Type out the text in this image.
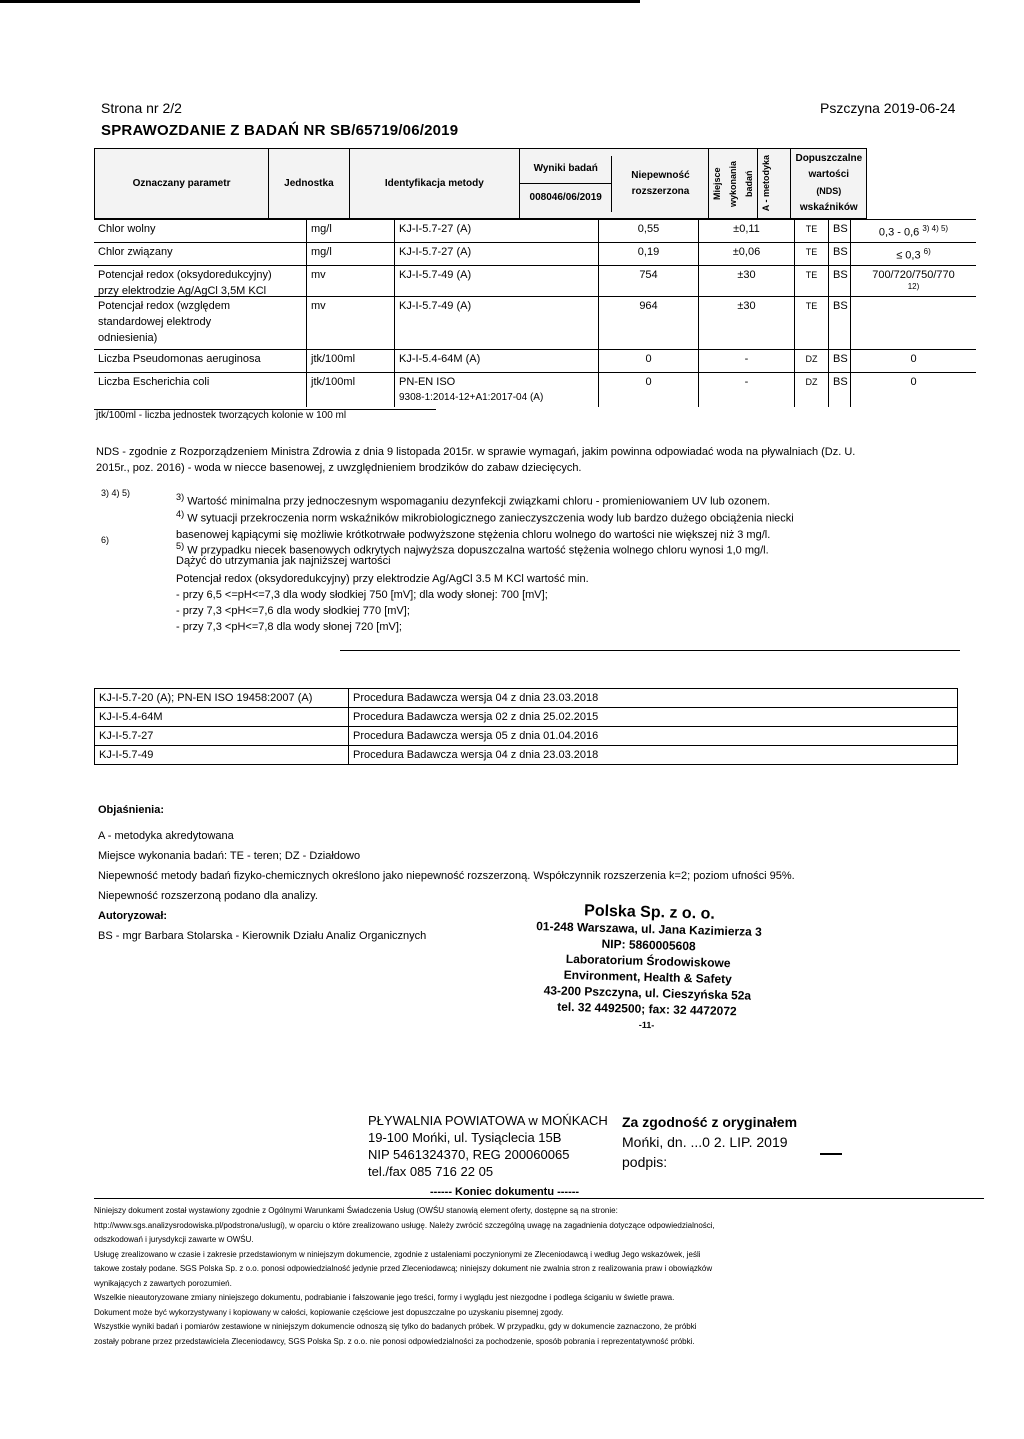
Strona nr 2/2	Pszczyna 2019-06-24
SPRAWOZDANIE Z BADAŃ NR SB/65719/06/2019
Oznaczany parametr	Jednostka	Identyfikacja metody	
Wyniki badań
008046/06/2019
Niepewność rozszerzona	Miejsce wykonania badań	A - metodyka	Dopuszczalne wartości (NDS)
wskaźników
Chlor wolny	mg/l	KJ-I-5.7-27 (A)	0,55	±0,11	TE	BS	0,3 - 0,6 $^{3) 4) 5)}$
Chlor związany	mg/l	KJ-I-5.7-27 (A)	0,19	±0,06	TE	BS	≤ 0,3 $^{6)}$
Potencjał redox (oksydoredukcyjny)
przy elektrodzie Ag/AgCl 3,5M KCl
mv	KJ-I-5.7-49 (A)	754	±30	TE	BS	700/720/750/770
$^{12)}$
Potencjał redox (względem
standardowej elektrody
odniesienia)
mv	KJ-I-5.7-49 (A)	964	±30	TE	BS
Liczba Pseudomonas aeruginosa	jtk/100ml	KJ-I-5.4-64M (A)	0	-	DZ	BS	0
Liczba Escherichia coli	jtk/100ml	PN-EN ISO
9308-1:2014-12+A1:2017-04 (A)
0	-	DZ	BS	0
jtk/100ml - liczba jednostek tworzących kolonie w 100 ml
NDS - zgodnie z Rozporządzeniem Ministra Zdrowia z dnia 9 listopada 2015r. w sprawie wymagań, jakim powinna odpowiadać woda na pływalniach (Dz. U. 2015r., poz. 2016) - woda w niecce basenowej, z uwzględnieniem brodzików do zabaw dziecięcych.
3) 4) 5)	$^{3)}$ Wartość minimalna przy jednoczesnym wspomaganiu dezynfekcji związkami chloru - promieniowaniem UV lub ozonem.
$^{4)}$ W sytuacji przekroczenia norm wskaźników mikrobiologicznego zanieczyszczenia wody lub bardzo dużego obciążenia niecki basenowej kąpiącymi się możliwie krótkotrwałe podwyższone stężenia chloru wolnego do wartości nie większej niż 3 mg/l.
$^{5)}$ W przypadku niecek basenowych odkrytych najwyższa dopuszczalna wartość stężenia wolnego chloru wynosi 1,0 mg/l.
6)
Dążyć do utrzymania jak najniższej wartości
Potencjał redox (oksydoredukcyjny) przy elektrodzie Ag/AgCl 3.5 M KCl wartość min.
- przy 6,5 <=pH<=7,3 dla wody słodkiej 750 [mV]; dla wody słonej: 700 [mV];
- przy 7,3 <pH<=7,6 dla wody słodkiej 770 [mV];
- przy 7,3 <pH<=7,8 dla wody słonej 720 [mV];
KJ-I-5.7-20 (A); PN-EN ISO 19458:2007 (A)	Procedura Badawcza wersja 04 z dnia 23.03.2018
KJ-I-5.4-64M	Procedura Badawcza wersja 02 z dnia 25.02.2015
KJ-I-5.7-27	Procedura Badawcza wersja 05 z dnia 01.04.2016
KJ-I-5.7-49	Procedura Badawcza wersja 04 z dnia 23.03.2018
Objaśnienia:
A - metodyka akredytowana
Miejsce wykonania badań: TE - teren; DZ - Działdowo
Niepewność metody badań fizyko-chemicznych określono jako niepewność rozszerzoną. Współczynnik rozszerzenia k=2; poziom ufności 95%.
Niepewność rozszerzoną podano dla analizy.
Autoryzował:
BS - mgr Barbara Stolarska - Kierownik Działu Analiz Organicznych
Polska Sp. z o. o.
01-248 Warszawa, ul. Jana Kazimierza 3
NIP: 5860005608
Laboratorium Środowiskowe
Environment, Health & Safety
43-200 Pszczyna, ul. Cieszyńska 52a
tel. 32 4492500; fax: 32 4472072
-11-
PŁYWALNIA POWIATOWA w MOŃKACH
19-100 Mońki, ul. Tysiąclecia 15B
NIP 5461324370, REG 200060065
tel./fax 085 716 22 05
Za zgodność z oryginałem
Mońki, dn. ...0 2. LIP. 2019
podpis:
------ Koniec dokumentu ------
Niniejszy dokument został wystawiony zgodnie z Ogólnymi Warunkami Świadczenia Usług (OWŚU stanowią element oferty, dostępne są na stronie:
http://www.sgs.analizysrodowiska.pl/podstrona/uslugi), w oparciu o które zrealizowano usługę. Należy zwrócić szczególną uwagę na zagadnienia dotyczące odpowiedzialności,
odszkodowań i jurysdykcji zawarte w OWŚU.
Usługę zrealizowano w czasie i zakresie przedstawionym w niniejszym dokumencie, zgodnie z ustaleniami poczynionymi ze Zleceniodawcą i według Jego wskazówek, jeśli
takowe zostały podane. SGS Polska Sp. z o.o. ponosi odpowiedzialność jedynie przed Zleceniodawcą; niniejszy dokument nie zwalnia stron z realizowania praw i obowiązków
wynikających z zawartych porozumień.
Wszelkie nieautoryzowane zmiany niniejszego dokumentu, podrabianie i fałszowanie jego treści, formy i wyglądu jest niezgodne i podlega ściganiu w świetle prawa.
Dokument może być wykorzystywany i kopiowany w całości, kopiowanie częściowe jest dopuszczalne po uzyskaniu pisemnej zgody.
Wszystkie wyniki badań i pomiarów zestawione w niniejszym dokumencie odnoszą się tylko do badanych próbek. W przypadku, gdy w dokumencie zaznaczono, że próbki
zostały pobrane przez przedstawiciela Zleceniodawcy, SGS Polska Sp. z o.o. nie ponosi odpowiedzialności za pochodzenie, sposób pobrania i reprezentatywność próbki.
